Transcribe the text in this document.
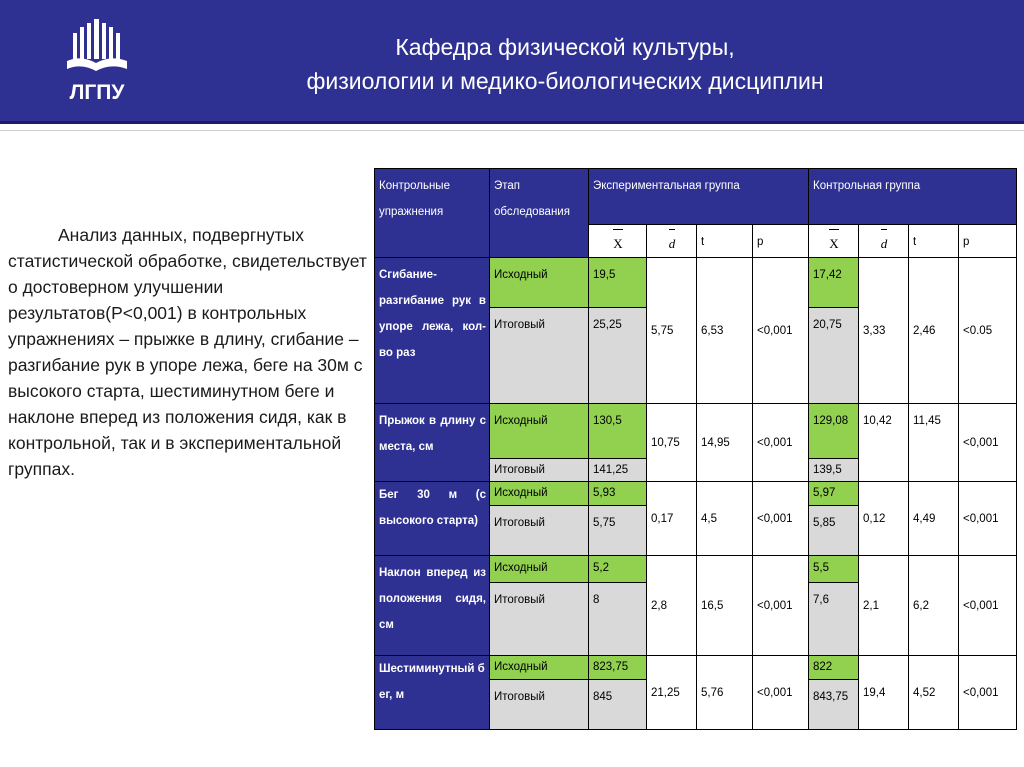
ЛГПУ
Кафедра физической культуры,
физиологии и медико-биологических дисциплин
Анализ данных, подвергнутых
статистической обработке, свидетельствует о достоверном улучшении результатов(Р<0,001) в контрольных упражнениях – прыжке в длину, сгибание – разгибание рук в упоре лежа, беге на 30м с высокого старта, шестиминутном беге и наклоне вперед из положения сидя, как в контрольной, так и в экспериментальной группах.
Контрольные упражнения	Этап обследования	Экспериментальная группа				Контрольная группа			
		X	d	t	p	X	d	t	p
Сгибание-разгибание рук в упоре лежа, кол-во раз	Исходный	19,5	5,75	6,53	<0,001	17,42	3,33	2,46	<0.05
	Итоговый	25,25				20,75			
Прыжок в длину с места, см	Исходный	130,5	10,75	14,95	<0,001	129,08	10,42	11,45	<0,001
	Итоговый	141,25				139,5			
Бег 30 м (с высокого старта)	Исходный	5,93	0,17	4,5	<0,001	5,97	0,12	4,49	<0,001
	Итоговый	5,75				5,85			
Наклон вперед из положения сидя, см	Исходный	5,2	2,8	16,5	<0,001	5,5	2,1	6,2	<0,001
	Итоговый	8				7,6			
Шестиминутный бег, м	Исходный	823,75	21,25	5,76	<0,001	822	19,4	4,52	<0,001
	Итоговый	845				843,75			
